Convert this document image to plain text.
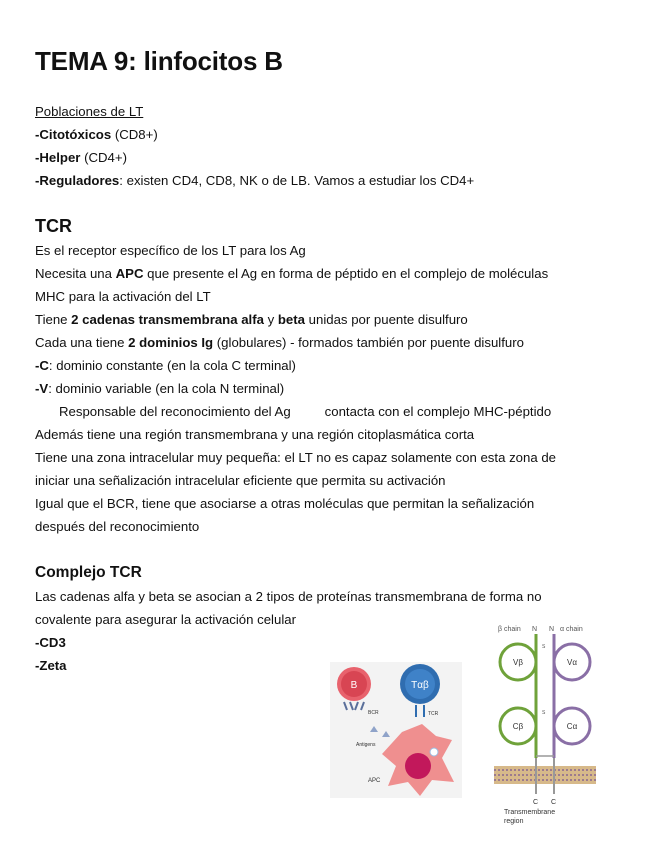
TEMA 9: linfocitos B
Poblaciones de LT
-Citotóxicos (CD8+)
-Helper (CD4+)
-Reguladores: existen CD4, CD8, NK o de LB. Vamos a estudiar los CD4+
TCR
Es el receptor específico de los LT para los Ag
Necesita una APC que presente el Ag en forma de péptido en el complejo de moléculas
MHC para la activación del LT
Tiene 2 cadenas transmembrana alfa y beta unidas por puente disulfuro
Cada una tiene 2 dominios Ig (globulares) - formados también por puente disulfuro
-C: dominio constante (en la cola C terminal)
-V: dominio variable (en la cola N terminal)
Responsable del reconocimiento del Ag	contacta con el complejo MHC-péptido
Además tiene una región transmembrana y una región citoplasmática corta
Tiene una zona intracelular muy pequeña: el LT no es capaz solamente con esta zona de
iniciar una señalización intracelular eficiente que permita su activación
Igual que el BCR, tiene que asociarse a otras moléculas que permitan la señalización
después del reconocimiento
Complejo TCR
Las cadenas alfa y beta se asocian a 2 tipos de proteínas transmembrana de forma no
covalente para asegurar la activación celular
-CD3
-Zeta
B
BCR
Tαβ
TCR
Antigens
APC
β chain N N α chain
Vβ	Vα
Cβ	Cα
S
S
C C
Transmembrane
region
